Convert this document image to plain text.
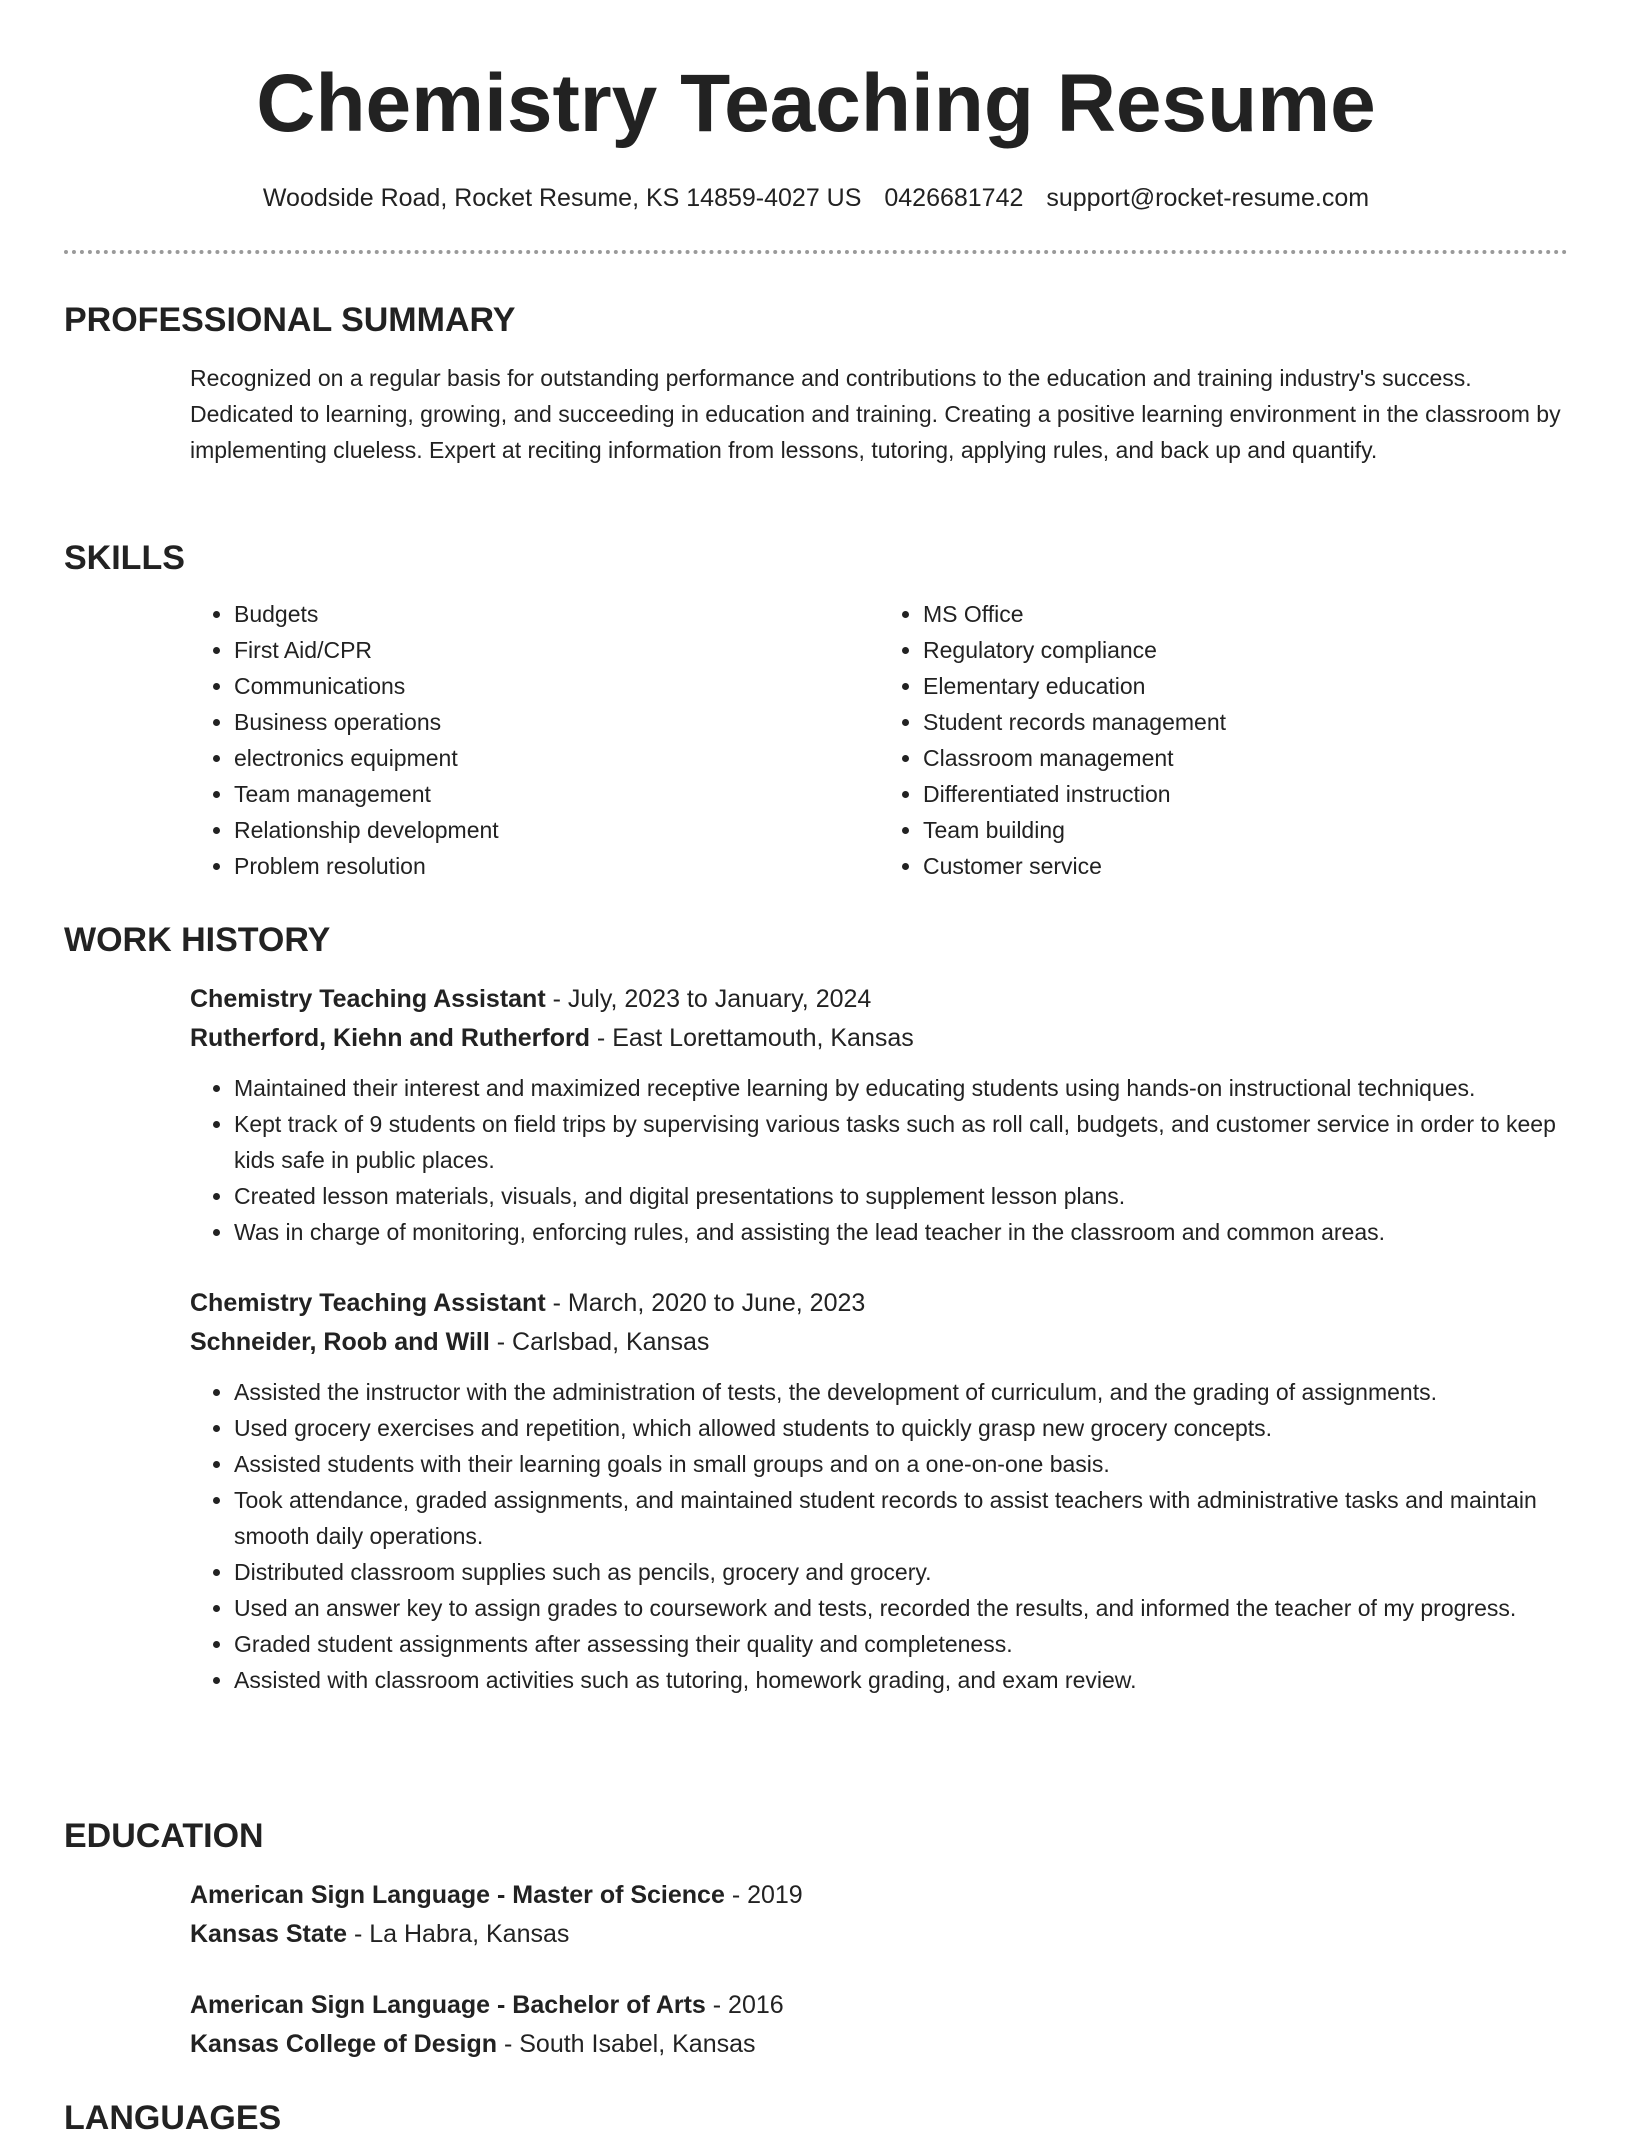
Chemistry Teaching Resume
Woodside Road, Rocket Resume, KS 14859-4027 US 0426681742 support@rocket-resume.com
PROFESSIONAL SUMMARY
Recognized on a regular basis for outstanding performance and contributions to the education and training industry's success. Dedicated to learning, growing, and succeeding in education and training. Creating a positive learning environment in the classroom by implementing clueless. Expert at reciting information from lessons, tutoring, applying rules, and back up and quantify.
SKILLS
• Budgets
• First Aid/CPR
• Communications
• Business operations
• electronics equipment
• Team management
• Relationship development
• Problem resolution
• MS Office
• Regulatory compliance
• Elementary education
• Student records management
• Classroom management
• Differentiated instruction
• Team building
• Customer service
WORK HISTORY
Chemistry Teaching Assistant - July, 2023 to January, 2024
Rutherford, Kiehn and Rutherford - East Lorettamouth, Kansas
• Maintained their interest and maximized receptive learning by educating students using hands-on instructional techniques.
• Kept track of 9 students on field trips by supervising various tasks such as roll call, budgets, and customer service in order to keep kids safe in public places.
• Created lesson materials, visuals, and digital presentations to supplement lesson plans.
• Was in charge of monitoring, enforcing rules, and assisting the lead teacher in the classroom and common areas.
Chemistry Teaching Assistant - March, 2020 to June, 2023
Schneider, Roob and Will - Carlsbad, Kansas
• Assisted the instructor with the administration of tests, the development of curriculum, and the grading of assignments.
• Used grocery exercises and repetition, which allowed students to quickly grasp new grocery concepts.
• Assisted students with their learning goals in small groups and on a one-on-one basis.
• Took attendance, graded assignments, and maintained student records to assist teachers with administrative tasks and maintain smooth daily operations.
• Distributed classroom supplies such as pencils, grocery and grocery.
• Used an answer key to assign grades to coursework and tests, recorded the results, and informed the teacher of my progress.
• Graded student assignments after assessing their quality and completeness.
• Assisted with classroom activities such as tutoring, homework grading, and exam review.
EDUCATION
American Sign Language - Master of Science - 2019
Kansas State - La Habra, Kansas
American Sign Language - Bachelor of Arts - 2016
Kansas College of Design - South Isabel, Kansas
LANGUAGES
